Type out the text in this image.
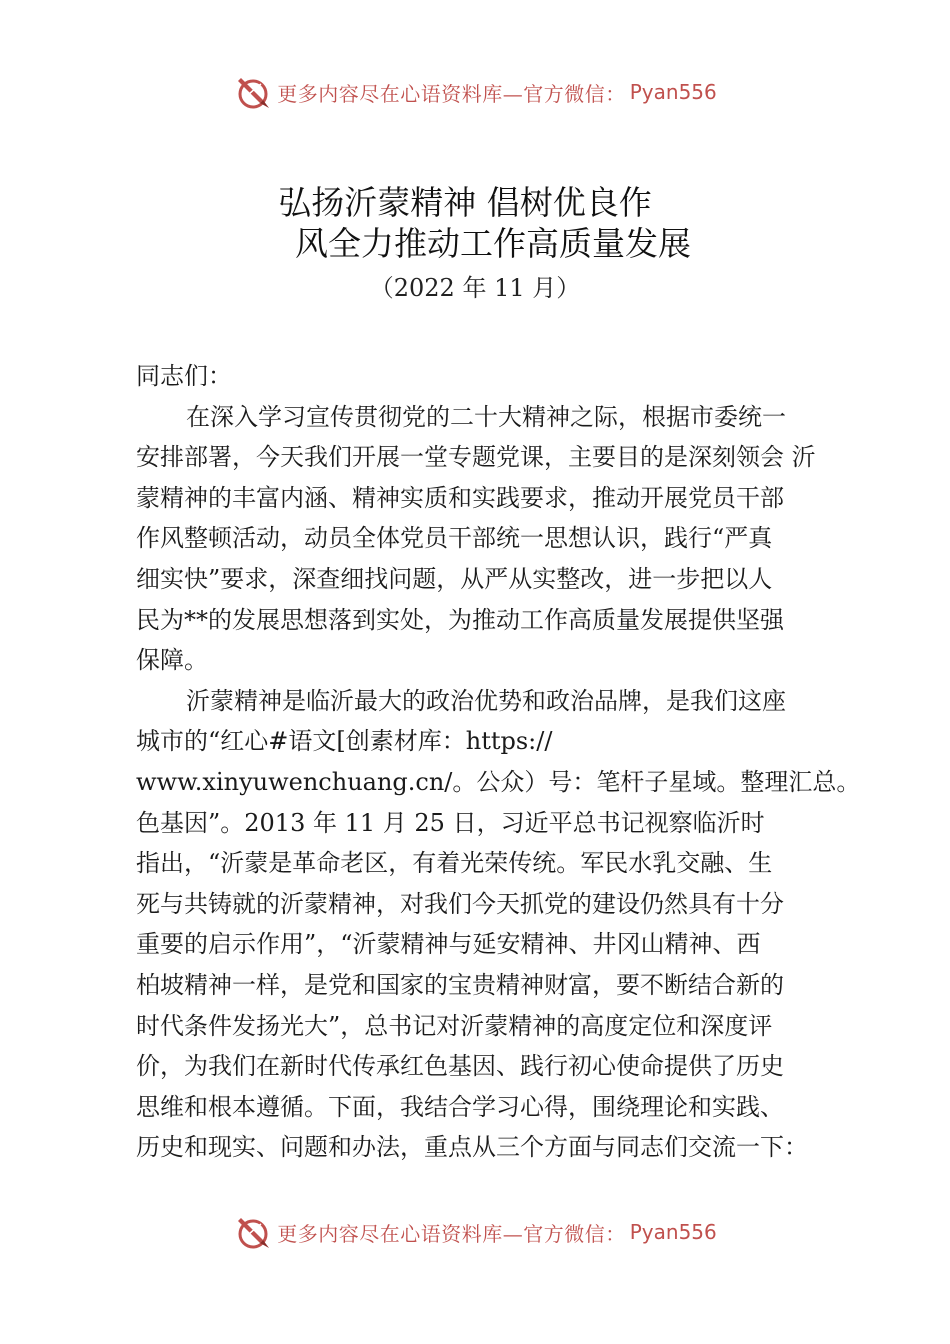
更多内容尽在心语资料库—官方微信： Pyan556
弘扬沂蒙精神 倡树优良作
风全力推动工作高质量发展
（2022 年 11 月）
同志们：
在深入学习宣传贯彻党的二十大精神之际，根据市委统一
安排部署，今天我们开展一堂专题党课，主要目的是深刻领会 沂
蒙精神的丰富内涵、精神实质和实践要求，推动开展党员干部
作风整顿活动，动员全体党员干部统一思想认识，践行“严真
细实快”要求，深查细找问题，从严从实整改，进一步把以人
民为**的发展思想落到实处，为推动工作高质量发展提供坚强
保障。
沂蒙精神是临沂最大的政治优势和政治品牌，是我们这座
城市的“红心#语文[创素材库：https://
www.xinyuwenchuang.cn/。公众）号：笔杆子星域。整理汇总。
色基因”。2013 年 11 月 25 日，习近平总书记视察临沂时
指出，“沂蒙是革命老区，有着光荣传统。军民水乳交融、生
死与共铸就的沂蒙精神，对我们今天抓党的建设仍然具有十分
重要的启示作用”，“沂蒙精神与延安精神、井冈山精神、西
柏坡精神一样，是党和国家的宝贵精神财富，要不断结合新的
时代条件发扬光大”，总书记对沂蒙精神的高度定位和深度评
价，为我们在新时代传承红色基因、践行初心使命提供了历史
思维和根本遵循。下面，我结合学习心得，围绕理论和实践、
历史和现实、问题和办法，重点从三个方面与同志们交流一下：
更多内容尽在心语资料库—官方微信： Pyan556
